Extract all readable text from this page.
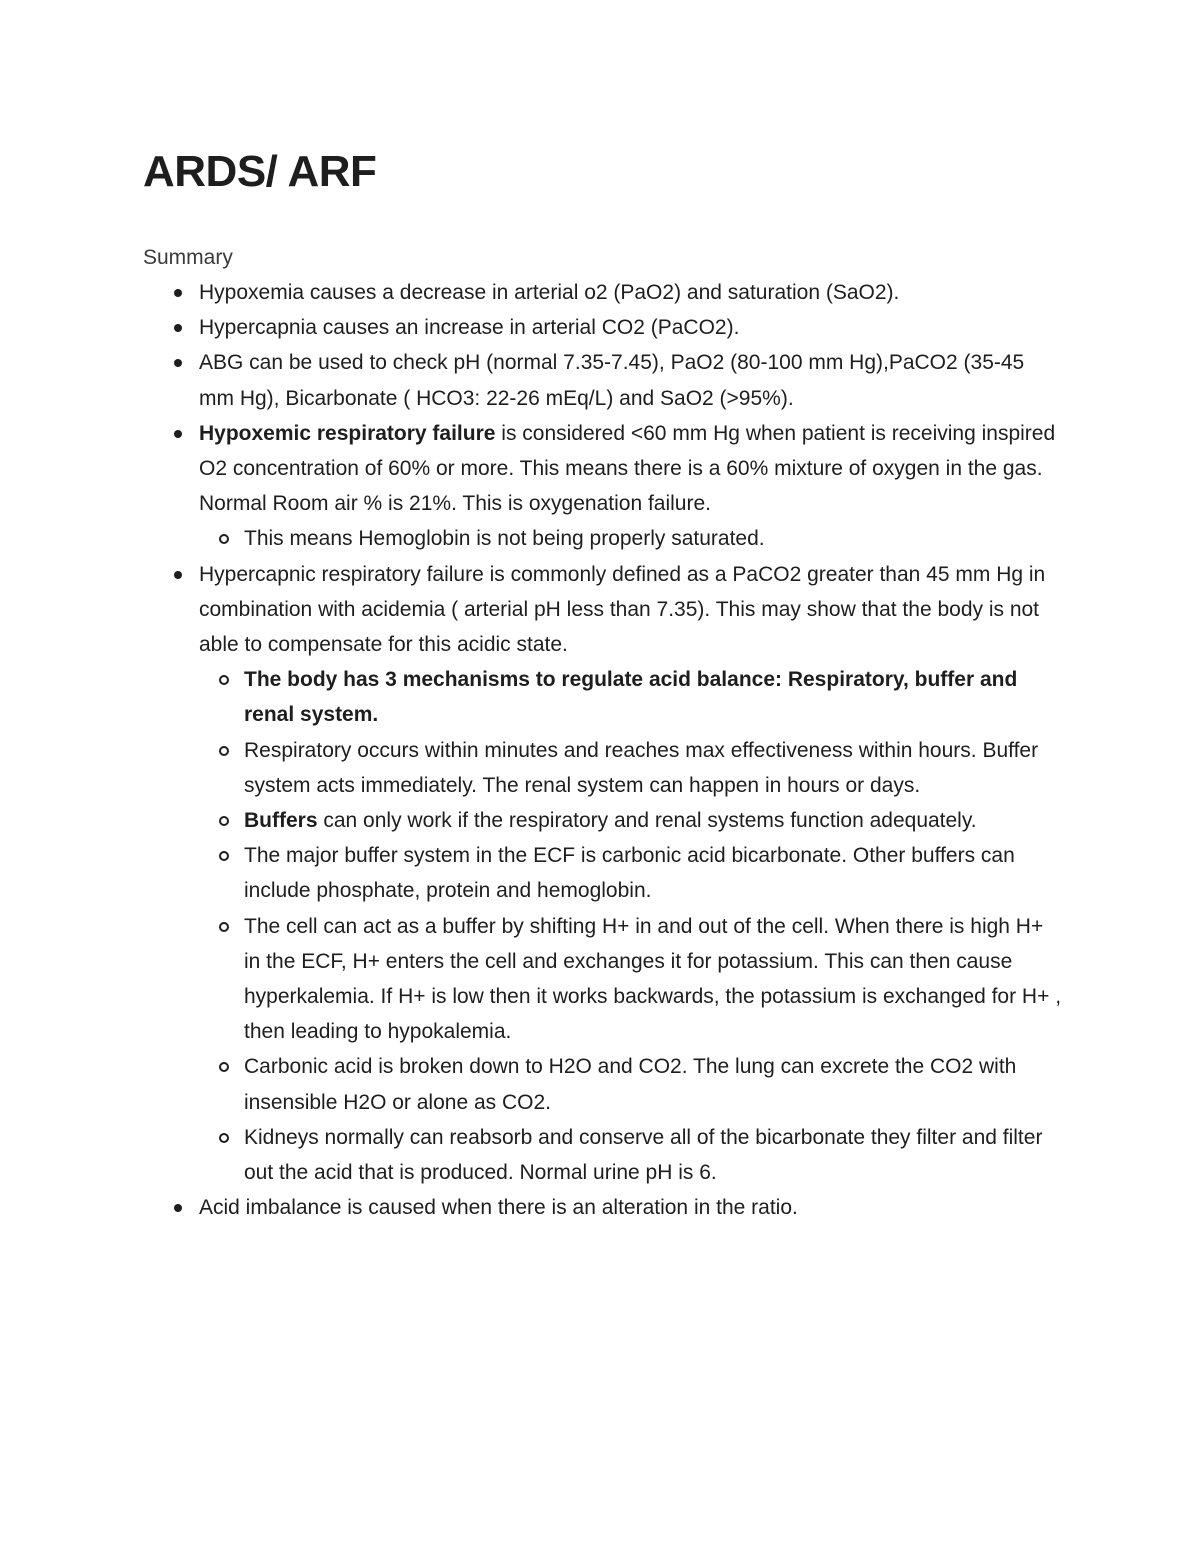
ARDS/ ARF

Summary

Hypoxemia causes a decrease in arterial o2 (PaO2) and saturation (SaO2).
Hypercapnia causes an increase in arterial CO2 (PaCO2).
ABG can be used to check pH (normal 7.35-7.45), PaO2 (80-100 mm Hg),PaCO2 (35-45 mm Hg), Bicarbonate ( HCO3: 22-26 mEq/L) and SaO2 (>95%).
Hypoxemic respiratory failure is considered <60 mm Hg when patient is receiving inspired O2 concentration of 60% or more. This means there is a 60% mixture of oxygen in the gas. Normal Room air % is 21%. This is oxygenation failure.
This means Hemoglobin is not being properly saturated.
Hypercapnic respiratory failure is commonly defined as a PaCO2 greater than 45 mm Hg in combination with acidemia ( arterial pH less than 7.35). This may show that the body is not able to compensate for this acidic state.
The body has 3 mechanisms to regulate acid balance: Respiratory, buffer and renal system.
Respiratory occurs within minutes and reaches max effectiveness within hours. Buffer system acts immediately. The renal system can happen in hours or days.
Buffers can only work if the respiratory and renal systems function adequately.
The major buffer system in the ECF is carbonic acid bicarbonate. Other buffers can include phosphate, protein and hemoglobin.
The cell can act as a buffer by shifting H+ in and out of the cell. When there is high H+ in the ECF, H+ enters the cell and exchanges it for potassium. This can then cause hyperkalemia. If H+ is low then it works backwards, the potassium is exchanged for H+ , then leading to hypokalemia.
Carbonic acid is broken down to H2O and CO2. The lung can excrete the CO2 with insensible H2O or alone as CO2.
Kidneys normally can reabsorb and conserve all of the bicarbonate they filter and filter out the acid that is produced. Normal urine pH is 6.
Acid imbalance is caused when there is an alteration in the ratio.
